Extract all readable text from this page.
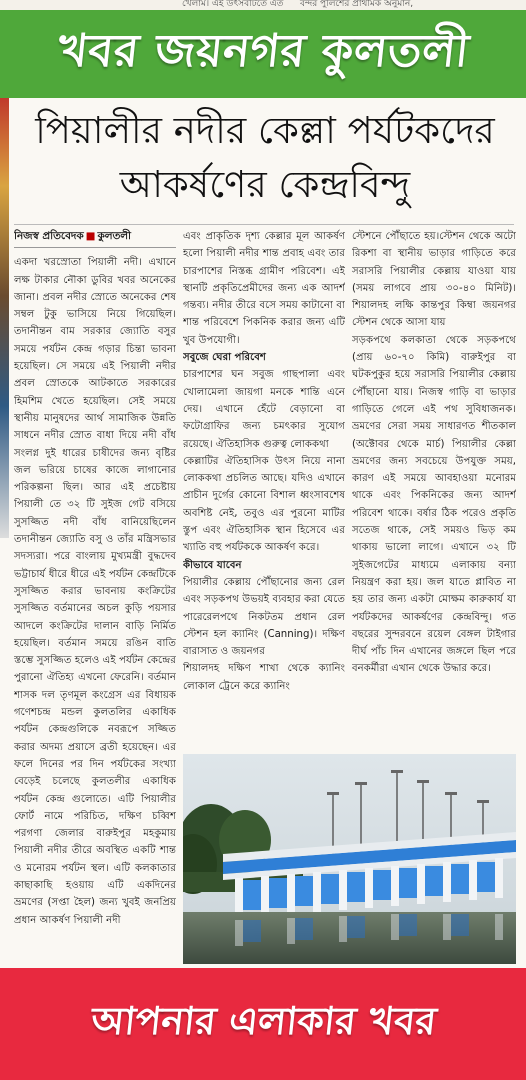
খেলাম। এই উৎসবটিতে এত বন্দর পুলিশের প্রাথমিক অনুমান,
খবর জয়নগর কুলতলী
পিয়ালীর নদীর কেল্লা পর্যটকদের
আকর্ষণের কেন্দ্রবিন্দু
নিজস্ব প্রতিবেদক ■ কুলতলী

একদা খরস্রোতা পিয়ালী নদী। এখানে লক্ষ টাকার নৌকা ডুবির খবর অনেকের জানা। প্রবল নদীর স্রোতে অনেকের শেষ সম্বল টুকু ভাসিয়ে নিয়ে গিয়েছিল। তদানীন্তন বাম সরকার জ্যোতি বসুর সময়ে পর্যটন কেন্দ্র গড়ার চিন্তা ভাবনা হয়েছিল। সে সময়ে এই পিয়ালী নদীর প্রবল স্রোতকে আটকাতে সরকারের হিমশিম খেতে হয়েছিল। সেই সময়ে স্থানীয় মানুষদের আর্থ সামাজিক উন্নতি সাধনে নদীর স্রোত বাধা দিয়ে নদী বাঁধ সংলগ্ন দুই ধারের চাষীদের জন্য বৃষ্টির জল ভরিয়ে চাষের কাজে লাগানোর পরিকল্পনা ছিল। আর এই প্রচেষ্টায় পিয়ালী তে ৩২ টি সুইজ গেট বসিয়ে সুসজ্জিত নদী বাঁধ বানিয়েছিলেন তদানীন্তন জ্যোতি বসু ও তাঁর মন্ত্রিসভার সদস্যরা। পরে বাংলায় মুখ্যমন্ত্রী বুদ্ধদেব ভট্টাচার্য ধীরে ধীরে এই পর্যটন কেন্দ্রটিকে সুসজ্জিত করার ভাবনায় কংক্রিটের সুসজ্জিত বর্তমানের অচল কুড়ি পয়সার আদলে কংক্রিটের দালান বাড়ি নির্মিত হয়েছিল। বর্তমান সময়ে রঙিন বাতি স্তম্ভে সুসজ্জিত হলেও এই পর্যটন কেন্দ্রের পুরানো ঐতিহ্য এখনো ফেরেনি। বর্তমান শাসক দল তৃণমূল কংগ্রেস এর বিধায়ক গণেশচন্দ্র মন্ডল কুলতলির একাধিক পর্যটন কেন্দ্রগুলিকে নবরূপে সজ্জিত করার অদম্য প্রয়াসে ব্রতী হয়েছেন। এর ফলে দিনের পর দিন পর্যটকের সংখ্যা বেড়েই চলেছে কুলতলীর একাধিক পর্যটন কেন্দ্র গুলোতে। এটি পিয়ালীর ফোর্ট নামে পরিচিত, দক্ষিণ চব্বিশ পরগণা জেলার বারুইপুর মহকুমায় পিয়ালী নদীর তীরে অবস্থিত একটি শান্ত ও মনোরম পর্যটন স্থল। এটি কলকাতার কাছাকাছি হওয়ায় এটি একদিনের ভ্রমণের (সপ্তা হৈল) জন্য খুবই জনপ্রিয় প্রধান আকর্ষণ পিয়ালী নদী

এবং প্রাকৃতিক দৃশ্য কেল্লার মূল আকর্ষণ হলো পিয়ালী নদীর শান্ত প্রবাহ এবং তার চারপাশের নিস্তব্ধ গ্রামীণ পরিবেশ। এই স্থানটি প্রকৃতিপ্রেমীদের জন্য এক আদর্শ গন্তব্য। নদীর তীরে বসে সময় কাটানো বা শান্ত পরিবেশে পিকনিক করার জন্য এটি খুব উপযোগী।

সবুজে ঘেরা পরিবেশ

চারপাশের ঘন সবুজ গাছপালা এবং খোলামেলা জায়গা মনকে শান্তি এনে দেয়। এখানে হেঁটে বেড়ানো বা ফটোগ্রাফির জন্য চমৎকার সুযোগ রয়েছে। ঐতিহাসিক গুরুত্ব লোককথা

কেল্লাটির ঐতিহাসিক উৎস নিয়ে নানা লোককথা প্রচলিত আছে। যদিও এখানে প্রাচীন দুর্গের কোনো বিশাল ধ্বংসাবশেষ অবশিষ্ট নেই, তবুও এর পুরনো মাটির স্তুপ এবং ঐতিহাসিক স্থান হিসেবে এর খ্যাতি বহু পর্যটককে আকর্ষণ করে।

কীভাবে যাবেন

পিয়ালীর কেল্লায় পৌঁছানোর জন্য রেল এবং সড়কপথ উভয়ই ব্যবহার করা যেতে পারেরেলপথে নিকটতম প্রধান রেল স্টেশন হল ক্যানিং (Canning)। দক্ষিণ বারাসাত ও জয়নগর

শিয়ালদহ দক্ষিণ শাখা থেকে ক্যানিং লোকাল ট্রেনে করে ক্যানিং

স্টেশনে পৌঁছাতে হয়।স্টেশন থেকে অটো রিকশা বা স্থানীয় ভাড়ার গাড়িতে করে সরাসরি পিয়ালীর কেল্লায় যাওয়া যায় (সময় লাগবে প্রায় ৩০-৪০ মিনিট)। শিয়ালদহ লক্ষি কান্তপুর কিম্বা জয়নগর স্টেশন থেকে আসা যায়

সড়কপথে কলকাতা থেকে সড়কপথে (প্রায় ৬০-৭০ কিমি) বারুইপুর বা ঘটকপুকুর হয়ে সরাসরি পিয়ালীর কেল্লায় পৌঁছানো যায়। নিজস্ব গাড়ি বা ভাড়ার গাড়িতে গেলে এই পথ সুবিধাজনক।ভ্রমণের সেরা সময় সাধারণত শীতকাল (অক্টোবর থেকে মার্চ) পিয়ালীর কেল্লা ভ্রমণের জন্য সবচেয়ে উপযুক্ত সময়, কারণ এই সময়ে আবহাওয়া মনোরম থাকে এবং পিকনিকের জন্য আদর্শ পরিবেশ থাকে। বর্ষার ঠিক পরেও প্রকৃতি সতেজ থাকে, সেই সময়ও ভিড় কম থাকায় ভালো লাগে। এখানে ৩২ টি সুইজগেটের মাধ্যমে এলাকায় বন্যা নিয়ন্ত্রণ করা হয়। জল যাতে প্লাবিত না হয় তার জন্য একটা মোক্ষম কারুকার্য যা পর্যটকদের আকর্ষণের কেন্দ্রবিন্দু। গত বছরের সুন্দরবনে রয়েল বেঙ্গল টাইগার দীর্ঘ পাঁচ দিন এখানের জঙ্গলে ছিল পরে বনকর্মীরা এখান থেকে উদ্ধার করে।

আপনার এলাকার খবর
